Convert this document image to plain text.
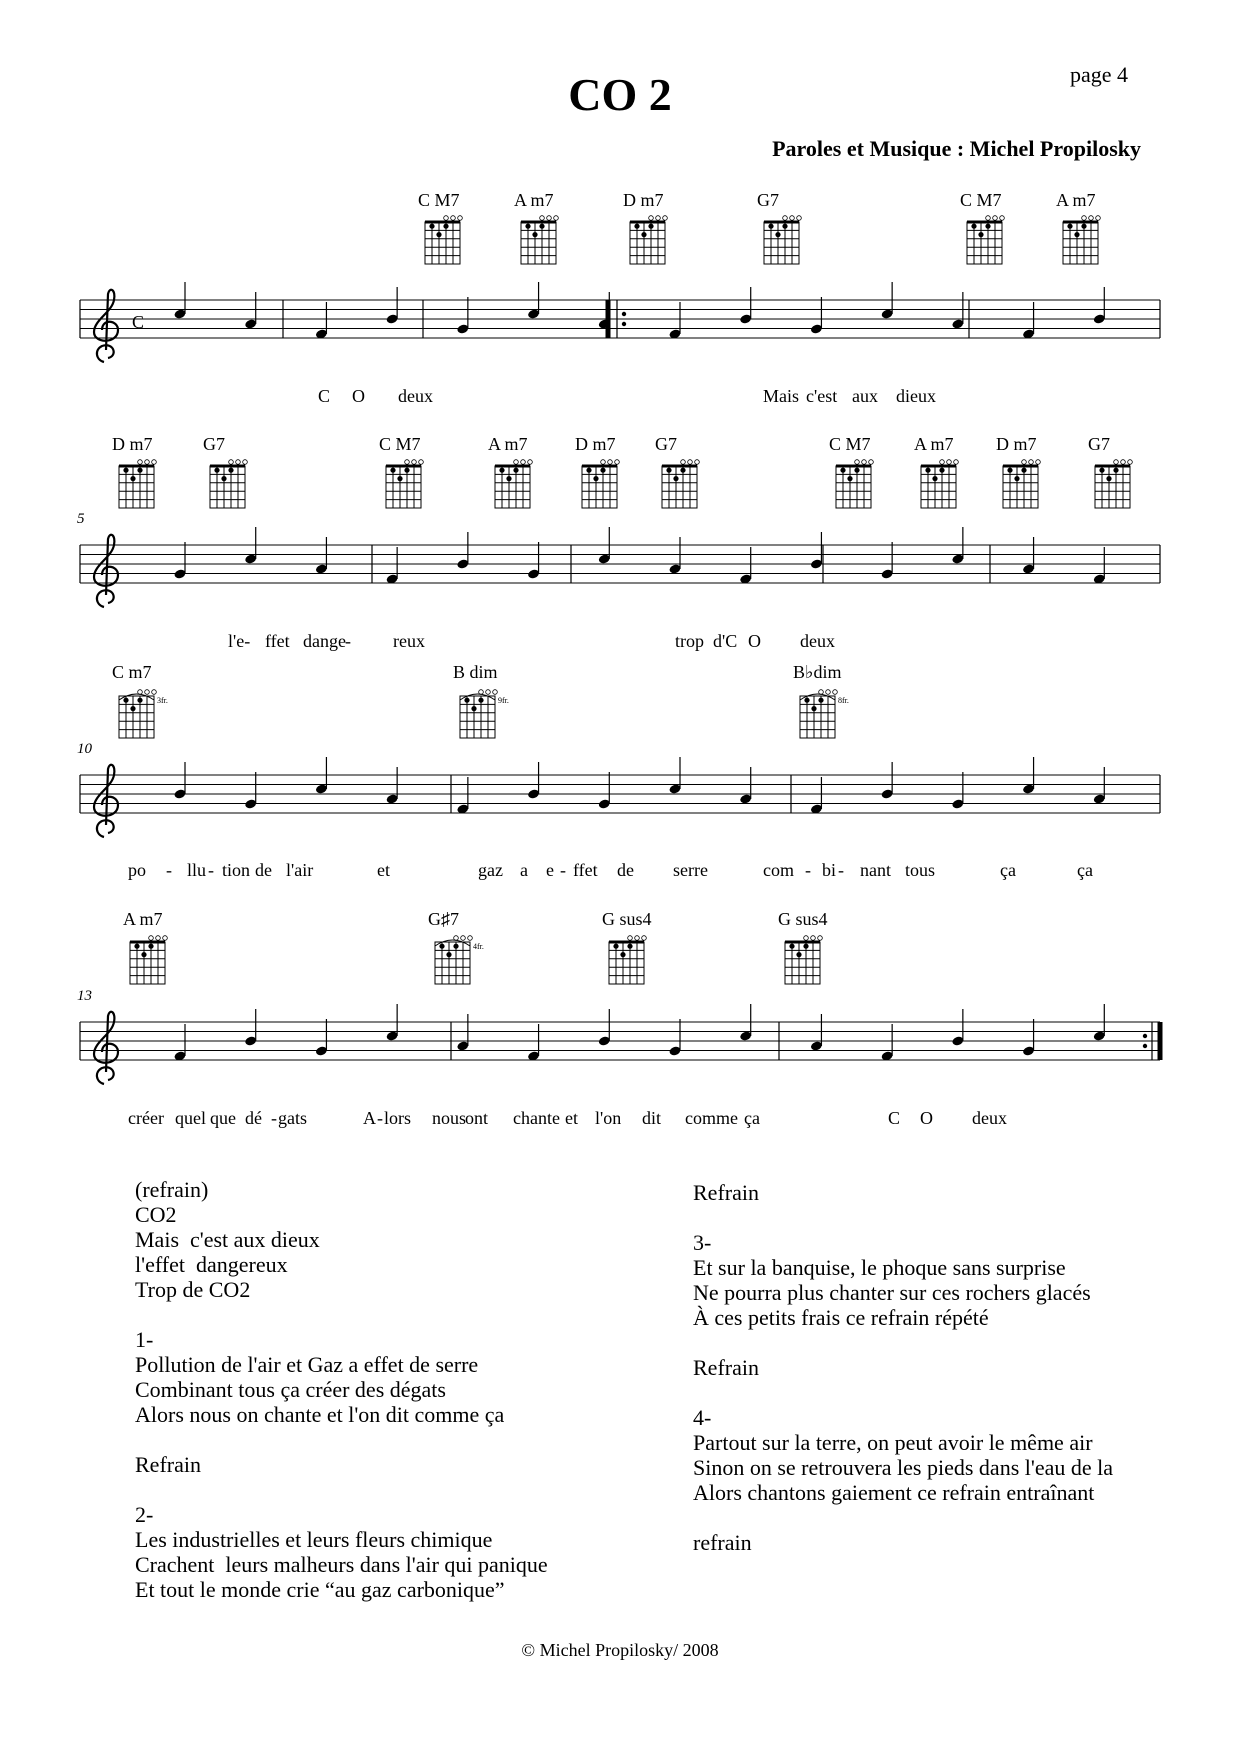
CO 2	page 4
Paroles et Musique : Michel Propilosky
C M7	A m7	D m7	G7	C M7	A m7
C
C O deux	Mais c'est aux dieux
D m7	G7	C M7	A m7	D m7 G7	C M7 A m7 D m7	G7
5
l'e- ffet dange - reux	trop d'C O deux
C m7
3fr.
B dim
9fr.
B♭dim
8fr.
10
po - llu - tion de l'air	et	gaz a e - ffet de serre	com - bi - nant tous	ça	ça
A m7	G♯7
4fr.
G sus4	G sus4
13
créer quel que dé - gats	A - lors nous
ont chante et l'on dit comme ça	C O deux
(refrain)
CO2
Mais  c'est aux dieux
l'effet  dangereux
Trop de CO2

1-
Pollution de l'air et Gaz a effet de serre
Combinant tous ça créer des dégats
Alors nous on chante et l'on dit comme ça

Refrain

2-
Les industrielles et leurs fleurs chimique
Crachent  leurs malheurs dans l'air qui panique
Et tout le monde crie “au gaz carbonique”
Refrain

3-
Et sur la banquise, le phoque sans surprise
Ne pourra plus chanter sur ces rochers glacés
À ces petits frais ce refrain répété

Refrain

4-
Partout sur la terre, on peut avoir le même air
Sinon on se retrouvera les pieds dans l'eau de la
Alors chantons gaiement ce refrain entraînant

refrain
© Michel Propilosky/ 2008
